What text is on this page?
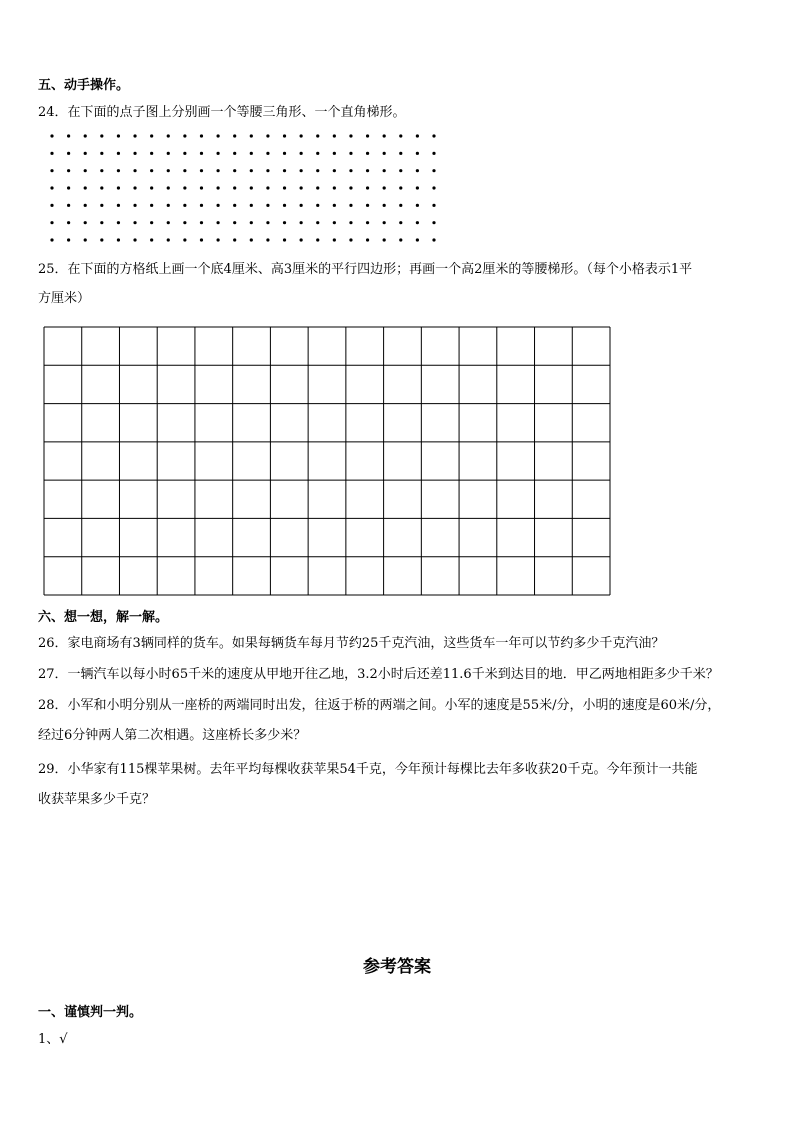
五、动手操作。
24．在下面的点子图上分别画一个等腰三角形、一个直角梯形。
25．在下面的方格纸上画一个底4厘米、高3厘米的平行四边形；再画一个高2厘米的等腰梯形。（每个小格表示1平
方厘米）
六、想一想，解一解。
26．家电商场有3辆同样的货车。如果每辆货车每月节约25千克汽油，这些货车一年可以节约多少千克汽油？
27．一辆汽车以每小时65千米的速度从甲地开往乙地，3.2小时后还差11.6千米到达目的地．甲乙两地相距多少千米？
28．小军和小明分别从一座桥的两端同时出发，往返于桥的两端之间。小军的速度是55米/分，小明的速度是60米/分，
经过6分钟两人第二次相遇。这座桥长多少米？
29．小华家有115棵苹果树。去年平均每棵收获苹果54千克，今年预计每棵比去年多收获20千克。今年预计一共能
收获苹果多少千克？
参考答案
一、谨慎判一判。
1、√
